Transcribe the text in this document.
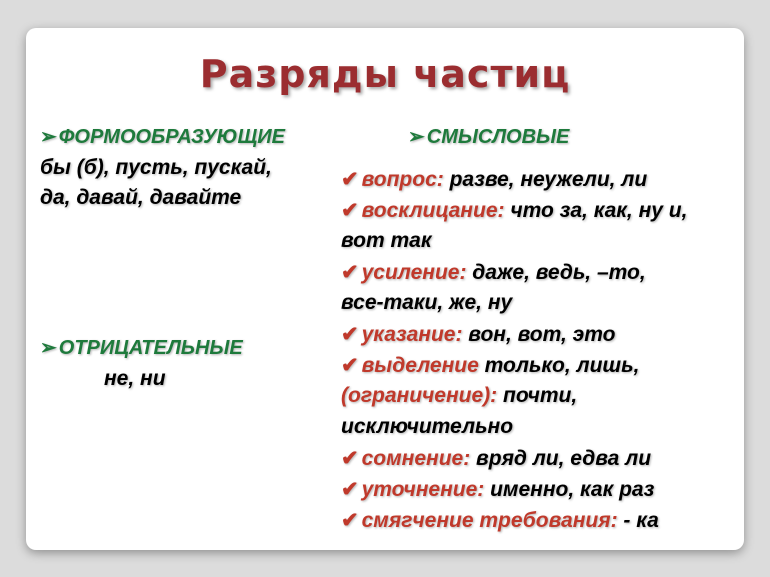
Разряды частиц
➢ ФОРМООБРАЗУЮЩИЕ
бы (б), пусть, пускай,
да, давай, давайте
➢ ОТРИЦАТЕЛЬНЫЕ
не, ни
➢ СМЫСЛОВЫЕ
✔ вопрос: разве, неужели, ли
✔ восклицание: что за, как, ну и,
вот так
✔ усиление: даже, ведь, –то,
все-таки, же, ну
✔ указание: вон, вот, это
✔ выделение только, лишь,
(ограничение): почти,
исключительно
✔ сомнение: вряд ли, едва ли
✔ уточнение: именно, как раз
✔ смягчение требования: - ка
